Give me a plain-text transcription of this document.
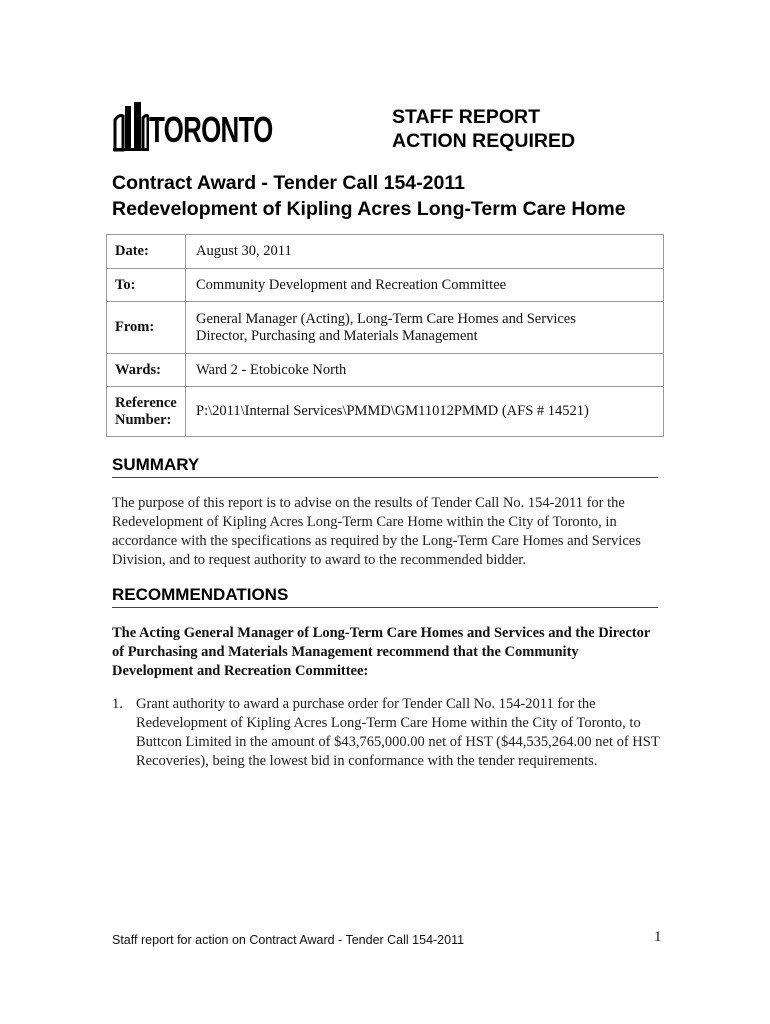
TORONTO	STAFF REPORT
ACTION REQUIRED
Contract Award - Tender Call 154-2011
Redevelopment of Kipling Acres Long-Term Care Home
Date:	August 30, 2011
To:	Community Development and Recreation Committee
From:	General Manager (Acting), Long-Term Care Homes and Services
Director, Purchasing and Materials Management

Wards:	Ward 2 - Etobicoke North

Reference
Number:	P:\2011\Internal Services\PMMD\GM11012PMMD (AFS # 14521)
SUMMARY
The purpose of this report is to advise on the results of Tender Call No. 154-2011 for the Redevelopment of Kipling Acres Long-Term Care Home within the City of Toronto, in accordance with the specifications as required by the Long-Term Care Homes and Services Division, and to request authority to award to the recommended bidder.
RECOMMENDATIONS
The Acting General Manager of Long-Term Care Homes and Services and the Director of Purchasing and Materials Management recommend that the Community Development and Recreation Committee:
1. Grant authority to award a purchase order for Tender Call No. 154-2011 for the Redevelopment of Kipling Acres Long-Term Care Home within the City of Toronto, to Buttcon Limited in the amount of $43,765,000.00 net of HST ($44,535,264.00 net of HST Recoveries), being the lowest bid in conformance with the tender requirements.
Staff report for action on Contract Award - Tender Call 154-2011	1
